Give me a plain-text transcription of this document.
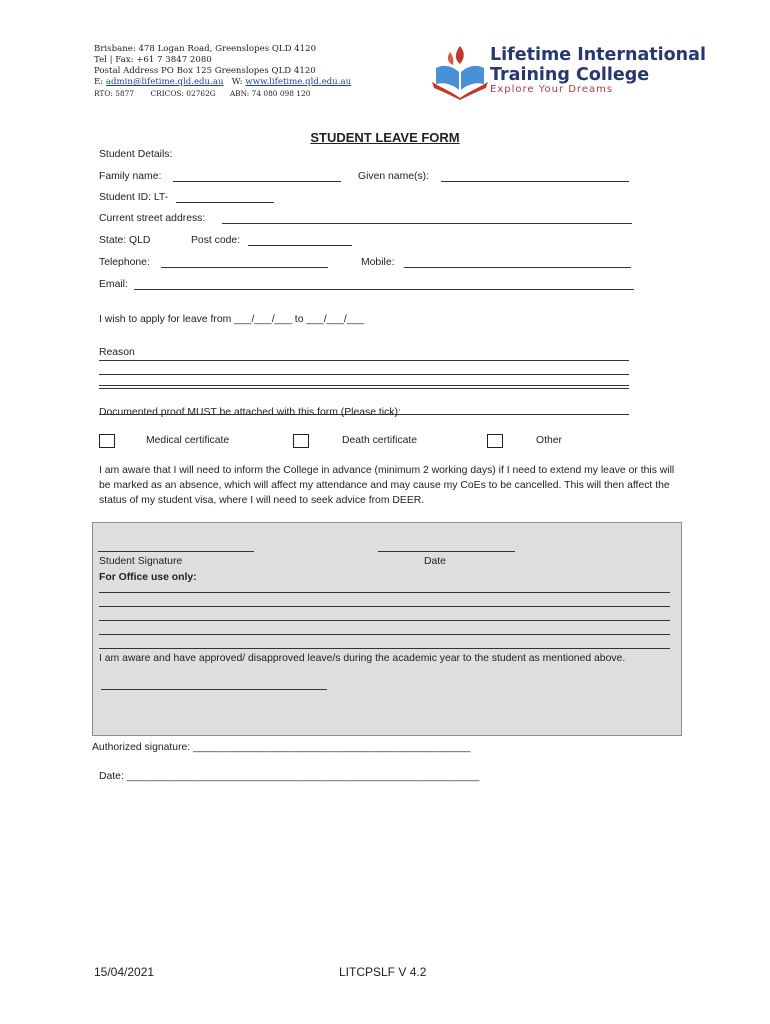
Brisbane: 478 Logan Road, Greenslopes QLD 4120
Tel | Fax: +61 7 3847 2080
Postal Address PO Box 125 Greenslopes QLD 4120
E: admin@lifetime.qld.edu.au W: www.lifetime.qld.edu.au
RTO: 5877 CRICOS: 02762G ABN: 74 080 098 120
Lifetime International
Training College
Explore Your Dreams
STUDENT LEAVE FORM
Student Details:
Family name:	Given name(s):
Student ID: LT-
Current street address:
State: QLD	Post code:
Telephone:	Mobile:
Email:
I wish to apply for leave from ___/___/___ to ___/___/___
Reason
Documented proof MUST be attached with this form (Please tick):
Medical certificate	Death certificate	Other
I am aware that I will need to inform the College in advance (minimum 2 working days) if I need to extend my leave or this will be marked as an absence, which will affect my attendance and may cause my CoEs to be cancelled. This will then affect the status of my student visa, where I will need to seek advice from DEER.
Student Signature	Date
For Office use only:
I am aware and have approved/ disapproved leave/s during the academic year to the student as mentioned above.
Authorized signature: ________________________________________________
Date: _____________________________________________________________
15/04/2021	LITCPSLF V 4.2
